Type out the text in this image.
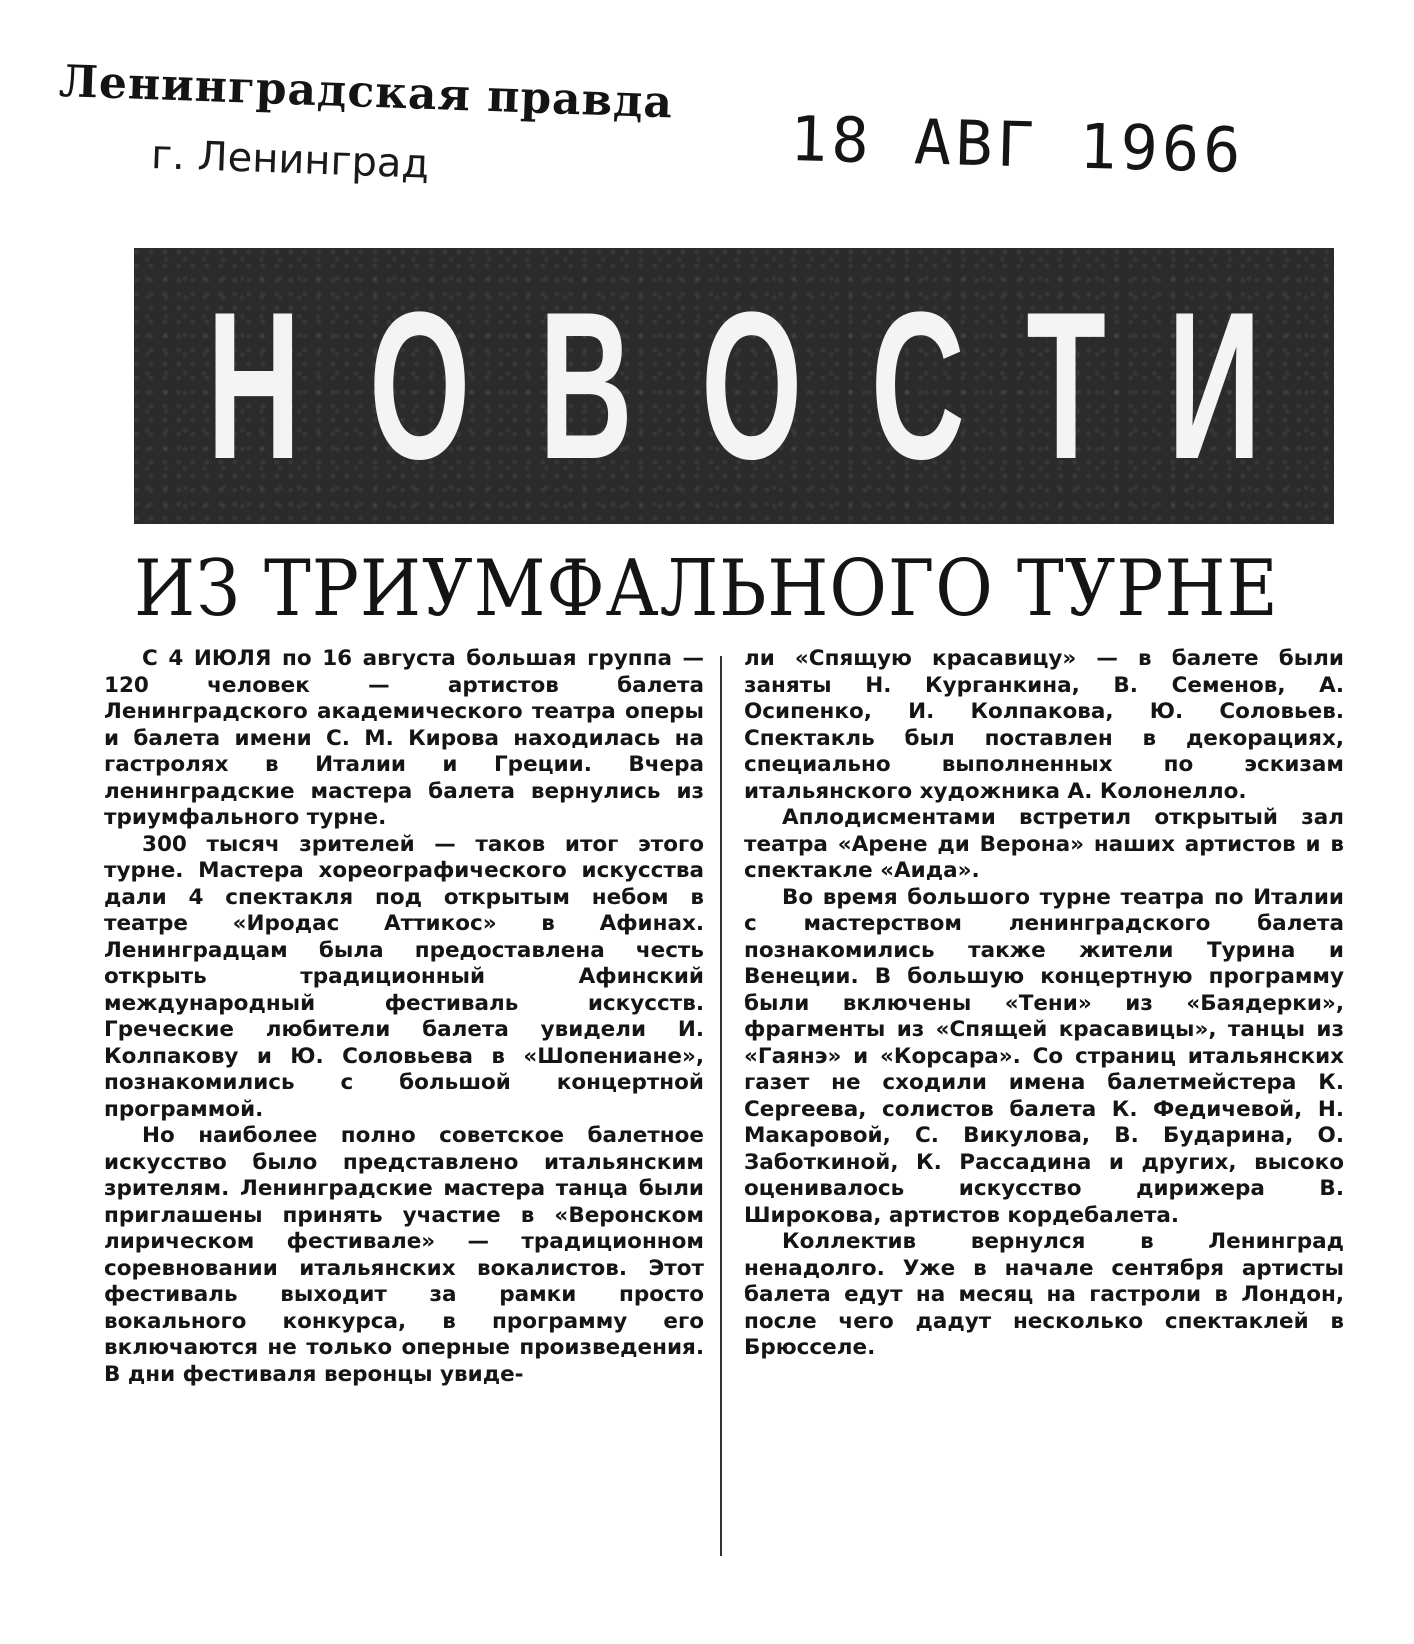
Ленинградская правда
г. Ленинград	18 АВГ 1966
Н О В О С Т И
ИЗ ТРИУМФАЛЬНОГО ТУРНЕ

С 4 ИЮЛЯ по 16 августа большая группа — 120 человек — артистов балета Ленинградского академического театра оперы и балета имени С. М. Кирова находилась на гастролях в Италии и Греции. Вчера ленинградские мастера балета вернулись из триумфального турне.

300 тысяч зрителей — таков итог этого турне. Мастера хореографического искусства дали 4 спектакля под открытым небом в театре «Иродас Аттикос» в Афинах. Ленинградцам была предоставлена честь открыть традиционный Афинский международный фестиваль искусств. Греческие любители балета увидели И. Колпакову и Ю. Соловьева в «Шопениане», познакомились с большой концертной программой.

Но наиболее полно советское балетное искусство было представлено итальянским зрителям. Ленинградские мастера танца были приглашены принять участие в «Веронском лирическом фестивале» — традиционном соревновании итальянских вокалистов. Этот фестиваль выходит за рамки просто вокального конкурса, в программу его включаются не только оперные произведения. В дни фестиваля веронцы увиде-

ли «Спящую красавицу» — в балете были заняты Н. Курганкина, В. Семенов, А. Осипенко, И. Колпакова, Ю. Соловьев. Спектакль был поставлен в декорациях, специально выполненных по эскизам итальянского художника А. Колонелло.

Аплодисментами встретил открытый зал театра «Арене ди Верона» наших артистов и в спектакле «Аида».

Во время большого турне театра по Италии с мастерством ленинградского балета познакомились также жители Турина и Венеции. В большую концертную программу были включены «Тени» из «Баядерки», фрагменты из «Спящей красавицы», танцы из «Гаянэ» и «Корсара». Со страниц итальянских газет не сходили имена балетмейстера К. Сергеева, солистов балета К. Федичевой, Н. Макаровой, С. Викулова, В. Бударина, О. Заботкиной, К. Рассадина и других, высоко оценивалось искусство дирижера В. Широкова, артистов кордебалета.

Коллектив вернулся в Ленинград ненадолго. Уже в начале сентября артисты балета едут на месяц на гастроли в Лондон, после чего дадут несколько спектаклей в Брюсселе.
